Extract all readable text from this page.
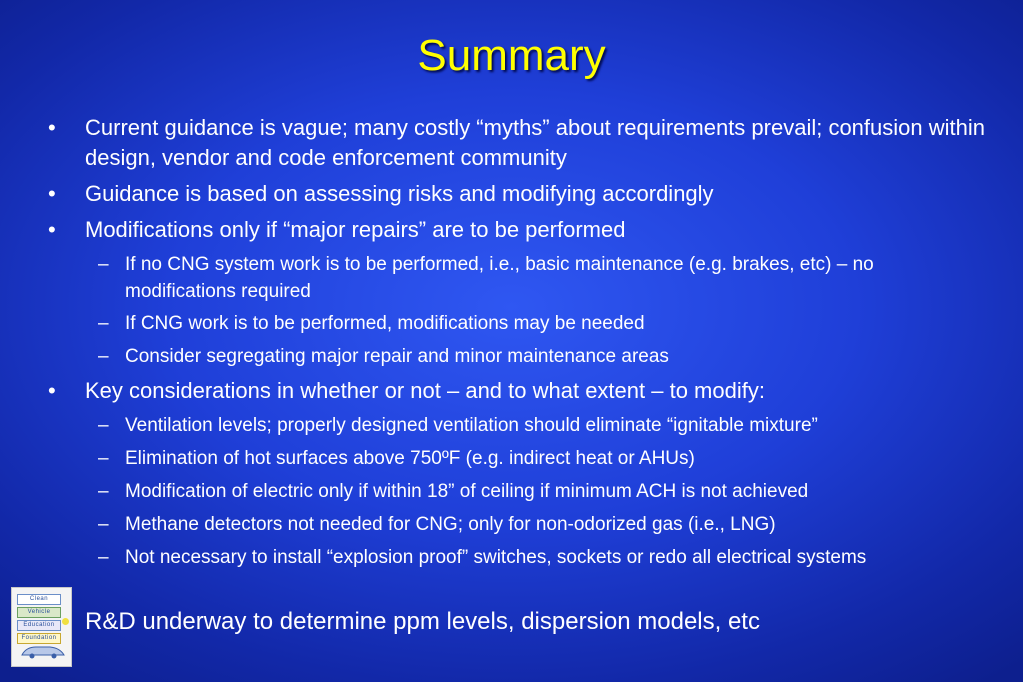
Summary
• Current guidance is vague; many costly “myths” about requirements prevail; confusion within design, vendor and code enforcement community
• Guidance is based on assessing risks and modifying accordingly
• Modifications only if “major repairs” are to be performed
– If no CNG system work is to be performed, i.e., basic maintenance (e.g. brakes, etc) – no modifications required
– If CNG work is to be performed, modifications may be needed
– Consider segregating major repair and minor maintenance areas
• Key considerations in whether or not – and to what extent – to modify:
– Ventilation levels; properly designed ventilation should eliminate “ignitable mixture”
– Elimination of hot surfaces above 750ºF (e.g. indirect heat or AHUs)
– Modification of electric only if within 18” of ceiling if minimum ACH is not achieved
– Methane detectors not needed for CNG; only for non-odorized gas (i.e., LNG)
– Not necessary to install “explosion proof” switches, sockets or redo all electrical systems
R&D underway to determine ppm levels, dispersion models, etc
Clean
Vehicle
Education
Foundation
